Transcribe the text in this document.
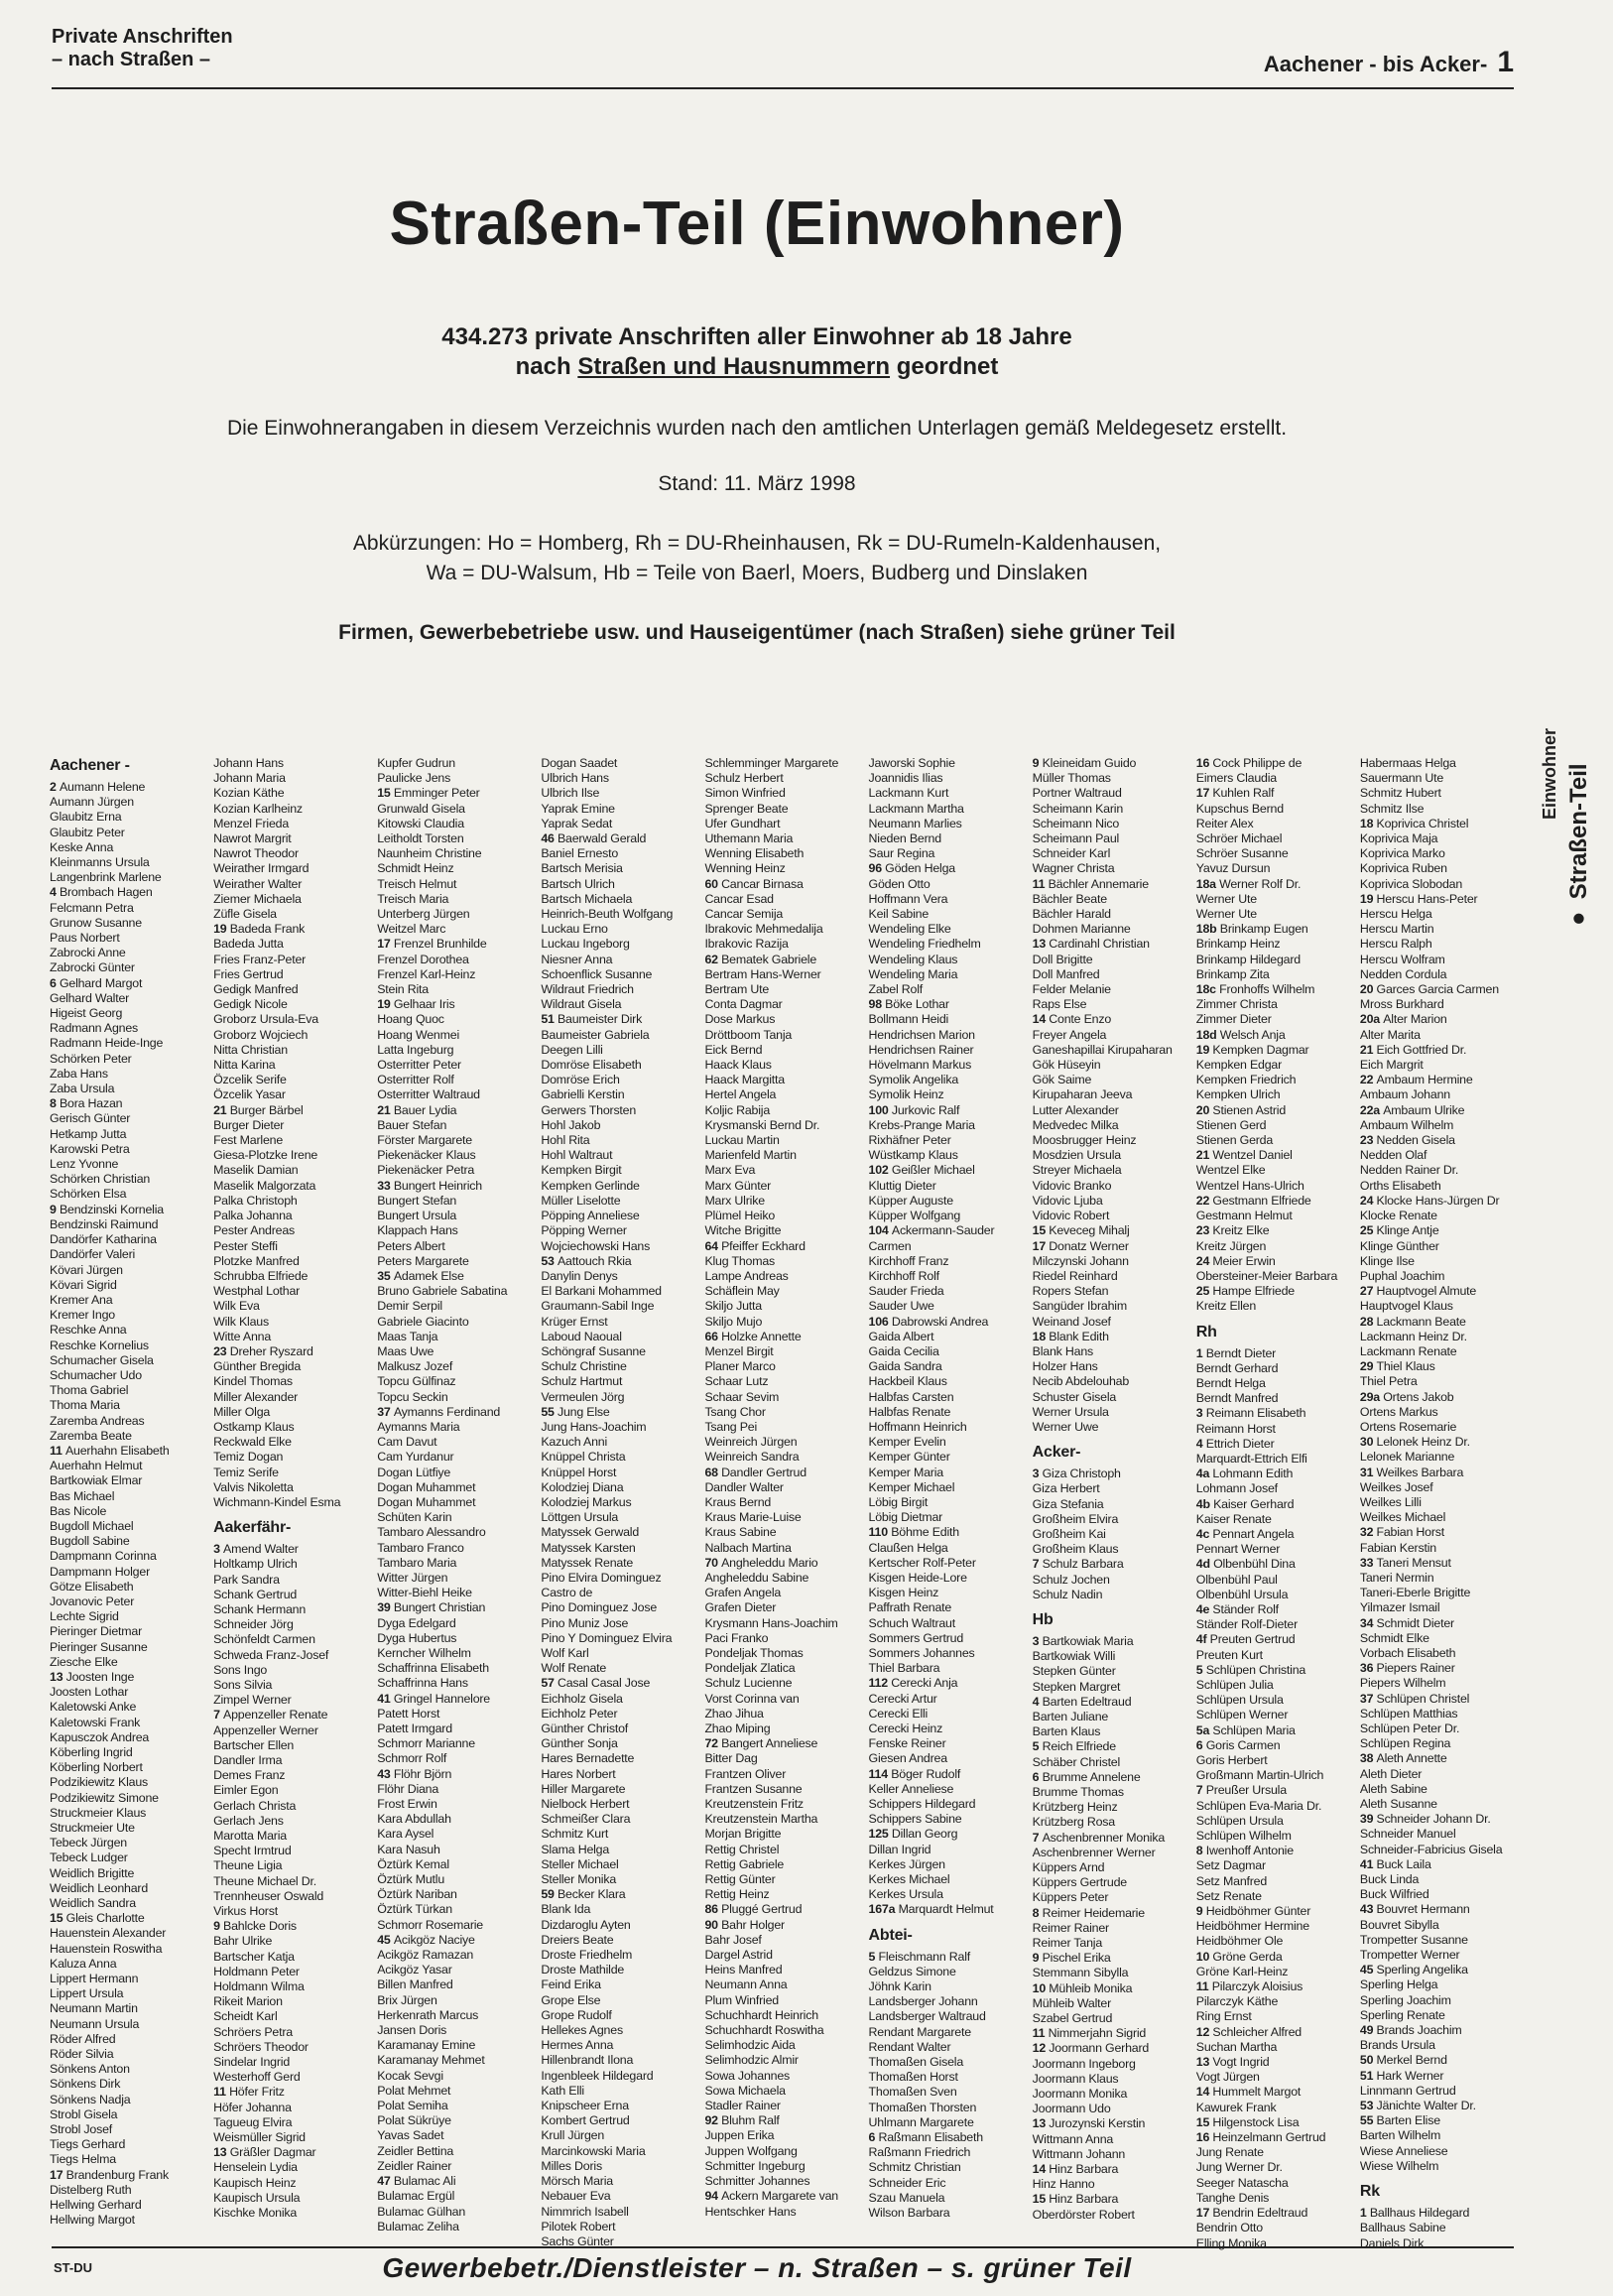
Private Anschriften
– nach Straßen –	Aachener - bis Acker- 1
Straßen-Teil (Einwohner)
434.273 private Anschriften aller Einwohner ab 18 Jahre
nach Straßen und Hausnummern geordnet
Die Einwohnerangaben in diesem Verzeichnis wurden nach den amtlichen Unterlagen gemäß Meldegesetz erstellt.
Stand: 11. März 1998
Abkürzungen: Ho = Homberg, Rh = DU-Rheinhausen, Rk = DU-Rumeln-Kaldenhausen,
Wa = DU-Walsum, Hb = Teile von Baerl, Moers, Budberg und Dinslaken
Firmen, Gewerbebetriebe usw. und Hauseigentümer (nach Straßen) siehe grüner Teil
Einwohner ● Straßen-Teil
Aachener -
2 Aumann Helene
Aumann Jürgen
Glaubitz Erna
Glaubitz Peter
Keske Anna
Kleinmanns Ursula
Langenbrink Marlene
4 Brombach Hagen
Felcmann Petra
Grunow Susanne
Paus Norbert
Zabrocki Anne
Zabrocki Günter
6 Gelhard Margot
Gelhard Walter
Higeist Georg
Radmann Agnes
Radmann Heide-Inge
Schörken Peter
Zaba Hans
Zaba Ursula
8 Bora Hazan
Gerisch Günter
Hetkamp Jutta
Karowski Petra
Lenz Yvonne
Schörken Christian
Schörken Elsa
9 Bendzinski Kornelia
Bendzinski Raimund
Dandörfer Katharina
Dandörfer Valeri
Kövari Jürgen
Kövari Sigrid
Kremer Ana
Kremer Ingo
Reschke Anna
Reschke Kornelius
Schumacher Gisela
Schumacher Udo
Thoma Gabriel
Thoma Maria
Zaremba Andreas
Zaremba Beate
11 Auerhahn Elisabeth
Auerhahn Helmut
Bartkowiak Elmar
Bas Michael
Bas Nicole
Bugdoll Michael
Bugdoll Sabine
Dampmann Corinna
Dampmann Holger
Götze Elisabeth
Jovanovic Peter
Lechte Sigrid
Pieringer Dietmar
Pieringer Susanne
Ziesche Elke
13 Joosten Inge
Joosten Lothar
Kaletowski Anke
Kaletowski Frank
Kapusczok Andrea
Köberling Ingrid
Köberling Norbert
Podzikiewitz Klaus
Podzikiewitz Simone
Struckmeier Klaus
Struckmeier Ute
Tebeck Jürgen
Tebeck Ludger
Weidlich Brigitte
Weidlich Leonhard
Weidlich Sandra
15 Gleis Charlotte
Hauenstein Alexander
Hauenstein Roswitha
Kaluza Anna
Lippert Hermann
Lippert Ursula
Neumann Martin
Neumann Ursula
Röder Alfred
Röder Silvia
Sönkens Anton
Sönkens Dirk
Sönkens Nadja
Strobl Gisela
Strobl Josef
Tiegs Gerhard
Tiegs Helma
17 Brandenburg Frank
Distelberg Ruth
Hellwing Gerhard
Hellwing Margot
Johann Hans
Johann Maria
Kozian Käthe
Kozian Karlheinz
Menzel Frieda
Nawrot Margrit
Nawrot Theodor
Weirather Irmgard
Weirather Walter
Ziemer Michaela
Züfle Gisela
19 Badeda Frank
Badeda Jutta
Fries Franz-Peter
Fries Gertrud
Gedigk Manfred
Gedigk Nicole
Groborz Ursula-Eva
Groborz Wojciech
Nitta Christian
Nitta Karina
Özcelik Serife
Özcelik Yasar
21 Burger Bärbel
Burger Dieter
Fest Marlene
Giesa-Plotzke Irene
Maselik Damian
Maselik Malgorzata
Palka Christoph
Palka Johanna
Pester Andreas
Pester Steffi
Plotzke Manfred
Schrubba Elfriede
Westphal Lothar
Wilk Eva
Wilk Klaus
Witte Anna
23 Dreher Ryszard
Günther Bregida
Kindel Thomas
Miller Alexander
Miller Olga
Ostkamp Klaus
Reckwald Elke
Temiz Dogan
Temiz Serife
Valvis Nikoletta
Wichmann-Kindel Esma
Aakerfähr-
3 Amend Walter
Holtkamp Ulrich
Park Sandra
Schank Gertrud
Schank Hermann
Schneider Jörg
Schönfeldt Carmen
Schweda Franz-Josef
Sons Ingo
Sons Silvia
Zimpel Werner
7 Appenzeller Renate
Appenzeller Werner
Bartscher Ellen
Dandler Irma
Demes Franz
Eimler Egon
Gerlach Christa
Gerlach Jens
Marotta Maria
Specht Irmtrud
Theune Ligia
Theune Michael Dr.
Trennheuser Oswald
Virkus Horst
9 Bahlcke Doris
Bahr Ulrike
Bartscher Katja
Holdmann Peter
Holdmann Wilma
Rikeit Marion
Scheidt Karl
Schröers Petra
Schröers Theodor
Sindelar Ingrid
Westerhoff Gerd
11 Höfer Fritz
Höfer Johanna
Tagueug Elvira
Weismüller Sigrid
13 Gräßler Dagmar
Henselein Lydia
Kaupisch Heinz
Kaupisch Ursula
Kischke Monika
Kupfer Gudrun
Paulicke Jens
15 Emminger Peter
Grunwald Gisela
Kitowski Claudia
Leitholdt Torsten
Naunheim Christine
Schmidt Heinz
Treisch Helmut
Treisch Maria
Unterberg Jürgen
Weitzel Marc
17 Frenzel Brunhilde
Frenzel Dorothea
Frenzel Karl-Heinz
Stein Rita
19 Gelhaar Iris
Hoang Quoc
Hoang Wenmei
Latta Ingeburg
Osterritter Peter
Osterritter Rolf
Osterritter Waltraud
21 Bauer Lydia
Bauer Stefan
Förster Margarete
Piekenäcker Klaus
Piekenäcker Petra
33 Bungert Heinrich
Bungert Stefan
Bungert Ursula
Klappach Hans
Peters Albert
Peters Margarete
35 Adamek Else
Bruno Gabriele Sabatina
Demir Serpil
Gabriele Giacinto
Maas Tanja
Maas Uwe
Malkusz Jozef
Topcu Gülfinaz
Topcu Seckin
37 Aymanns Ferdinand
Aymanns Maria
Cam Davut
Cam Yurdanur
Dogan Lütfiye
Dogan Muhammet
Dogan Muhammet
Schüten Karin
Tambaro Alessandro
Tambaro Franco
Tambaro Maria
Witter Jürgen
Witter-Biehl Heike
39 Bungert Christian
Dyga Edelgard
Dyga Hubertus
Kerncher Wilhelm
Schaffrinna Elisabeth
Schaffrinna Hans
41 Gringel Hannelore
Patett Horst
Patett Irmgard
Schmorr Marianne
Schmorr Rolf
43 Flöhr Björn
Flöhr Diana
Frost Erwin
Kara Abdullah
Kara Aysel
Kara Nasuh
Öztürk Kemal
Öztürk Mutlu
Öztürk Nariban
Öztürk Türkan
Schmorr Rosemarie
45 Acikgöz Naciye
Acikgöz Ramazan
Acikgöz Yasar
Billen Manfred
Brix Jürgen
Herkenrath Marcus
Jansen Doris
Karamanay Emine
Karamanay Mehmet
Kocak Sevgi
Polat Mehmet
Polat Semiha
Polat Sükrüye
Yavas Sadet
Zeidler Bettina
Zeidler Rainer
47 Bulamac Ali
Bulamac Ergül
Bulamac Gülhan
Bulamac Zeliha
Dogan Saadet
Ulbrich Hans
Ulbrich Ilse
Yaprak Emine
Yaprak Sedat
46 Baerwald Gerald
Baniel Ernesto
Bartsch Merisia
Bartsch Ulrich
Bartsch Michaela
Heinrich-Beuth Wolfgang
Luckau Erno
Luckau Ingeborg
Niesner Anna
Schoenflick Susanne
Wildraut Friedrich
Wildraut Gisela
51 Baumeister Dirk
Baumeister Gabriela
Deegen Lilli
Domröse Elisabeth
Domröse Erich
Gabrielli Kerstin
Gerwers Thorsten
Hohl Jakob
Hohl Rita
Hohl Waltraut
Kempken Birgit
Kempken Gerlinde
Müller Liselotte
Pöpping Anneliese
Pöpping Werner
Wojciechowski Hans
53 Aattouch Rkia
Danylin Denys
El Barkani Mohammed
Graumann-Sabil Inge
Krüger Ernst
Laboud Naoual
Schöngraf Susanne
Schulz Christine
Schulz Hartmut
Vermeulen Jörg
55 Jung Else
Jung Hans-Joachim
Kazuch Anni
Knüppel Christa
Knüppel Horst
Kolodziej Diana
Kolodziej Markus
Löttgen Ursula
Matyssek Gerwald
Matyssek Karsten
Matyssek Renate
Pino Elvira Dominguez
Castro de
Pino Dominguez Jose
Pino Muniz Jose
Pino Y Dominguez Elvira
Wolf Karl
Wolf Renate
57 Casal Casal Jose
Eichholz Gisela
Eichholz Peter
Günther Christof
Günther Sonja
Hares Bernadette
Hares Norbert
Hiller Margarete
Nielbock Herbert
Schmeißer Clara
Schmitz Kurt
Slama Helga
Steller Michael
Steller Monika
59 Becker Klara
Blank Ida
Dizdaroglu Ayten
Dreiers Beate
Droste Friedhelm
Droste Mathilde
Feind Erika
Grope Else
Grope Rudolf
Hellekes Agnes
Hermes Anna
Hillenbrandt Ilona
Ingenbleek Hildegard
Kath Elli
Knipscheer Erna
Kombert Gertrud
Krull Jürgen
Marcinkowski Maria
Milles Doris
Mörsch Maria
Nebauer Eva
Nimmrich Isabell
Pilotek Robert
Sachs Günter
Schlemminger Margarete
Schulz Herbert
Simon Winfried
Sprenger Beate
Ufer Gundhart
Uthemann Maria
Wenning Elisabeth
Wenning Heinz
60 Cancar Birnasa
Cancar Esad
Cancar Semija
Ibrakovic Mehmedalija
Ibrakovic Razija
62 Bematek Gabriele
Bertram Hans-Werner
Bertram Ute
Conta Dagmar
Dose Markus
Dröttboom Tanja
Eick Bernd
Haack Klaus
Haack Margitta
Hertel Angela
Koljic Rabija
Krysmanski Bernd Dr.
Luckau Martin
Marienfeld Martin
Marx Eva
Marx Günter
Marx Ulrike
Plümel Heiko
Witche Brigitte
64 Pfeiffer Eckhard
Klug Thomas
Lampe Andreas
Schäflein May
Skiljo Jutta
Skiljo Mujo
66 Holzke Annette
Menzel Birgit
Planer Marco
Schaar Lutz
Schaar Sevim
Tsang Chor
Tsang Pei
Weinreich Jürgen
Weinreich Sandra
68 Dandler Gertrud
Dandler Walter
Kraus Bernd
Kraus Marie-Luise
Kraus Sabine
Nalbach Martina
70 Angheleddu Mario
Angheleddu Sabine
Grafen Angela
Grafen Dieter
Krysmann Hans-Joachim
Paci Franko
Pondeljak Thomas
Pondeljak Zlatica
Schulz Lucienne
Vorst Corinna van
Zhao Jihua
Zhao Miping
72 Bangert Anneliese
Bitter Dag
Frantzen Oliver
Frantzen Susanne
Kreutzenstein Fritz
Kreutzenstein Martha
Morjan Brigitte
Rettig Christel
Rettig Gabriele
Rettig Günter
Rettig Heinz
86 Pluggé Gertrud
90 Bahr Holger
Bahr Josef
Dargel Astrid
Heins Manfred
Neumann Anna
Plum Winfried
Schuchhardt Heinrich
Schuchhardt Roswitha
Selimhodzic Aida
Selimhodzic Almir
Sowa Johannes
Sowa Michaela
Stadler Rainer
92 Bluhm Ralf
Juppen Erika
Juppen Wolfgang
Schmitter Ingeburg
Schmitter Johannes
94 Ackern Margarete van
Hentschker Hans
Jaworski Sophie
Joannidis Ilias
Lackmann Kurt
Lackmann Martha
Neumann Marlies
Nieden Bernd
Saur Regina
96 Göden Helga
Göden Otto
Hoffmann Vera
Keil Sabine
Wendeling Elke
Wendeling Friedhelm
Wendeling Klaus
Wendeling Maria
Zabel Rolf
98 Böke Lothar
Bollmann Heidi
Hendrichsen Marion
Hendrichsen Rainer
Hövelmann Markus
Symolik Angelika
Symolik Heinz
100 Jurkovic Ralf
Krebs-Prange Maria
Rixhäfner Peter
Wüstkamp Klaus
102 Geißler Michael
Kluttig Dieter
Küpper Auguste
Küpper Wolfgang
104 Ackermann-Sauder
Carmen
Kirchhoff Franz
Kirchhoff Rolf
Sauder Frieda
Sauder Uwe
106 Dabrowski Andrea
Gaida Albert
Gaida Cecilia
Gaida Sandra
Hackbeil Klaus
Halbfas Carsten
Halbfas Renate
Hoffmann Heinrich
Kemper Evelin
Kemper Günter
Kemper Maria
Kemper Michael
Löbig Birgit
Löbig Dietmar
110 Böhme Edith
Claußen Helga
Kertscher Rolf-Peter
Kisgen Heide-Lore
Kisgen Heinz
Paffrath Renate
Schuch Waltraut
Sommers Gertrud
Sommers Johannes
Thiel Barbara
112 Cerecki Anja
Cerecki Artur
Cerecki Elli
Cerecki Heinz
Fenske Reiner
Giesen Andrea
114 Böger Rudolf
Keller Anneliese
Schippers Hildegard
Schippers Sabine
125 Dillan Georg
Dillan Ingrid
Kerkes Jürgen
Kerkes Michael
Kerkes Ursula
167a Marquardt Helmut
Abtei-
5 Fleischmann Ralf
Geldzus Simone
Jöhnk Karin
Landsberger Johann
Landsberger Waltraud
Rendant Margarete
Rendant Walter
Thomaßen Gisela
Thomaßen Horst
Thomaßen Sven
Thomaßen Thorsten
Uhlmann Margarete
6 Raßmann Elisabeth
Raßmann Friedrich
Schmitz Christian
Schneider Eric
Szau Manuela
Wilson Barbara
9 Kleineidam Guido
Müller Thomas
Portner Waltraud
Scheimann Karin
Scheimann Nico
Scheimann Paul
Schneider Karl
Wagner Christa
11 Bächler Annemarie
Bächler Beate
Bächler Harald
Dohmen Marianne
13 Cardinahl Christian
Doll Brigitte
Doll Manfred
Felder Melanie
Raps Else
14 Conte Enzo
Freyer Angela
Ganeshapillai Kirupaharan
Gök Hüseyin
Gök Saime
Kirupaharan Jeeva
Lutter Alexander
Medvedec Milka
Moosbrugger Heinz
Mosdzien Ursula
Streyer Michaela
Vidovic Branko
Vidovic Ljuba
Vidovic Robert
15 Keveceg Mihalj
17 Donatz Werner
Milczynski Johann
Riedel Reinhard
Ropers Stefan
Sangüder Ibrahim
Weinand Josef
18 Blank Edith
Blank Hans
Holzer Hans
Necib Abdelouhab
Schuster Gisela
Werner Ursula
Werner Uwe
Acker-
3 Giza Christoph
Giza Herbert
Giza Stefania
Großheim Elvira
Großheim Kai
Großheim Klaus
7 Schulz Barbara
Schulz Jochen
Schulz Nadin
Hb
3 Bartkowiak Maria
Bartkowiak Willi
Stepken Günter
Stepken Margret
4 Barten Edeltraud
Barten Juliane
Barten Klaus
5 Reich Elfriede
Schäber Christel
6 Brumme Annelene
Brumme Thomas
Krützberg Heinz
Krützberg Rosa
7 Aschenbrenner Monika
Aschenbrenner Werner
Küppers Arnd
Küppers Gertrude
Küppers Peter
8 Reimer Heidemarie
Reimer Rainer
Reimer Tanja
9 Pischel Erika
Stemmann Sibylla
10 Mühleib Monika
Mühleib Walter
Szabel Gertrud
11 Nimmerjahn Sigrid
12 Joormann Gerhard
Joormann Ingeborg
Joormann Klaus
Joormann Monika
Joormann Udo
13 Jurozynski Kerstin
Wittmann Anna
Wittmann Johann
14 Hinz Barbara
Hinz Hanno
15 Hinz Barbara
Oberdörster Robert
16 Cock Philippe de
Eimers Claudia
17 Kuhlen Ralf
Kupschus Bernd
Reiter Alex
Schröer Michael
Schröer Susanne
Yavuz Dursun
18a Werner Rolf Dr.
Werner Ute
Werner Ute
18b Brinkamp Eugen
Brinkamp Heinz
Brinkamp Hildegard
Brinkamp Zita
18c Fronhoffs Wilhelm
Zimmer Christa
Zimmer Dieter
18d Welsch Anja
19 Kempken Dagmar
Kempken Edgar
Kempken Friedrich
Kempken Ulrich
20 Stienen Astrid
Stienen Gerd
Stienen Gerda
21 Wentzel Daniel
Wentzel Elke
Wentzel Hans-Ulrich
22 Gestmann Elfriede
Gestmann Helmut
23 Kreitz Elke
Kreitz Jürgen
24 Meier Erwin
Obersteiner-Meier Barbara
25 Hampe Elfriede
Kreitz Ellen
Rh
1 Berndt Dieter
Berndt Gerhard
Berndt Helga
Berndt Manfred
3 Reimann Elisabeth
Reimann Horst
4 Ettrich Dieter
Marquardt-Ettrich Elfi
4a Lohmann Edith
Lohmann Josef
4b Kaiser Gerhard
Kaiser Renate
4c Pennart Angela
Pennart Werner
4d Olbenbühl Dina
Olbenbühl Paul
Olbenbühl Ursula
4e Ständer Rolf
Ständer Rolf-Dieter
4f Preuten Gertrud
Preuten Kurt
5 Schlüpen Christina
Schlüpen Julia
Schlüpen Ursula
Schlüpen Werner
5a Schlüpen Maria
6 Goris Carmen
Goris Herbert
Großmann Martin-Ulrich
7 Preußer Ursula
Schlüpen Eva-Maria Dr.
Schlüpen Ursula
Schlüpen Wilhelm
8 Iwenhoff Antonie
Setz Dagmar
Setz Manfred
Setz Renate
9 Heidböhmer Günter
Heidböhmer Hermine
Heidböhmer Ole
10 Gröne Gerda
Gröne Karl-Heinz
11 Pilarczyk Aloisius
Pilarczyk Käthe
Ring Ernst
12 Schleicher Alfred
Suchan Martha
13 Vogt Ingrid
Vogt Jürgen
14 Hummelt Margot
Kawurek Frank
15 Hilgenstock Lisa
16 Heinzelmann Gertrud
Jung Renate
Jung Werner Dr.
Seeger Natascha
Tanghe Denis
17 Bendrin Edeltraud
Bendrin Otto
Elling Monika
Habermaas Helga
Sauermann Ute
Schmitz Hubert
Schmitz Ilse
18 Koprivica Christel
Koprivica Maja
Koprivica Marko
Koprivica Ruben
Koprivica Slobodan
19 Herscu Hans-Peter
Herscu Helga
Herscu Martin
Herscu Ralph
Herscu Wolfram
Nedden Cordula
20 Garces Garcia Carmen
Mross Burkhard
20a Alter Marion
Alter Marita
21 Eich Gottfried Dr.
Eich Margrit
22 Ambaum Hermine
Ambaum Johann
22a Ambaum Ulrike
Ambaum Wilhelm
23 Nedden Gisela
Nedden Olaf
Nedden Rainer Dr.
Orths Elisabeth
24 Klocke Hans-Jürgen Dr
Klocke Renate
25 Klinge Antje
Klinge Günther
Klinge Ilse
Puphal Joachim
27 Hauptvogel Almute
Hauptvogel Klaus
28 Lackmann Beate
Lackmann Heinz Dr.
Lackmann Renate
29 Thiel Klaus
Thiel Petra
29a Ortens Jakob
Ortens Markus
Ortens Rosemarie
30 Lelonek Heinz Dr.
Lelonek Marianne
31 Weilkes Barbara
Weilkes Josef
Weilkes Lilli
Weilkes Michael
32 Fabian Horst
Fabian Kerstin
33 Taneri Mensut
Taneri Nermin
Taneri-Eberle Brigitte
Yilmazer Ismail
34 Schmidt Dieter
Schmidt Elke
Vorbach Elisabeth
36 Piepers Rainer
Piepers Wilhelm
37 Schlüpen Christel
Schlüpen Matthias
Schlüpen Peter Dr.
Schlüpen Regina
38 Aleth Annette
Aleth Dieter
Aleth Sabine
Aleth Susanne
39 Schneider Johann Dr.
Schneider Manuel
Schneider-Fabricius Gisela
41 Buck Laila
Buck Linda
Buck Wilfried
43 Bouvret Hermann
Bouvret Sibylla
Trompetter Susanne
Trompetter Werner
45 Sperling Angelika
Sperling Helga
Sperling Joachim
Sperling Renate
49 Brands Joachim
Brands Ursula
50 Merkel Bernd
51 Hark Werner
Linnmann Gertrud
53 Jänichte Walter Dr.
55 Barten Elise
Barten Wilhelm
Wiese Anneliese
Wiese Wilhelm
Rk
1 Ballhaus Hildegard
Ballhaus Sabine
Daniels Dirk
ST-DU	Gewerbebetr./Dienstleister – n. Straßen – s. grüner Teil
